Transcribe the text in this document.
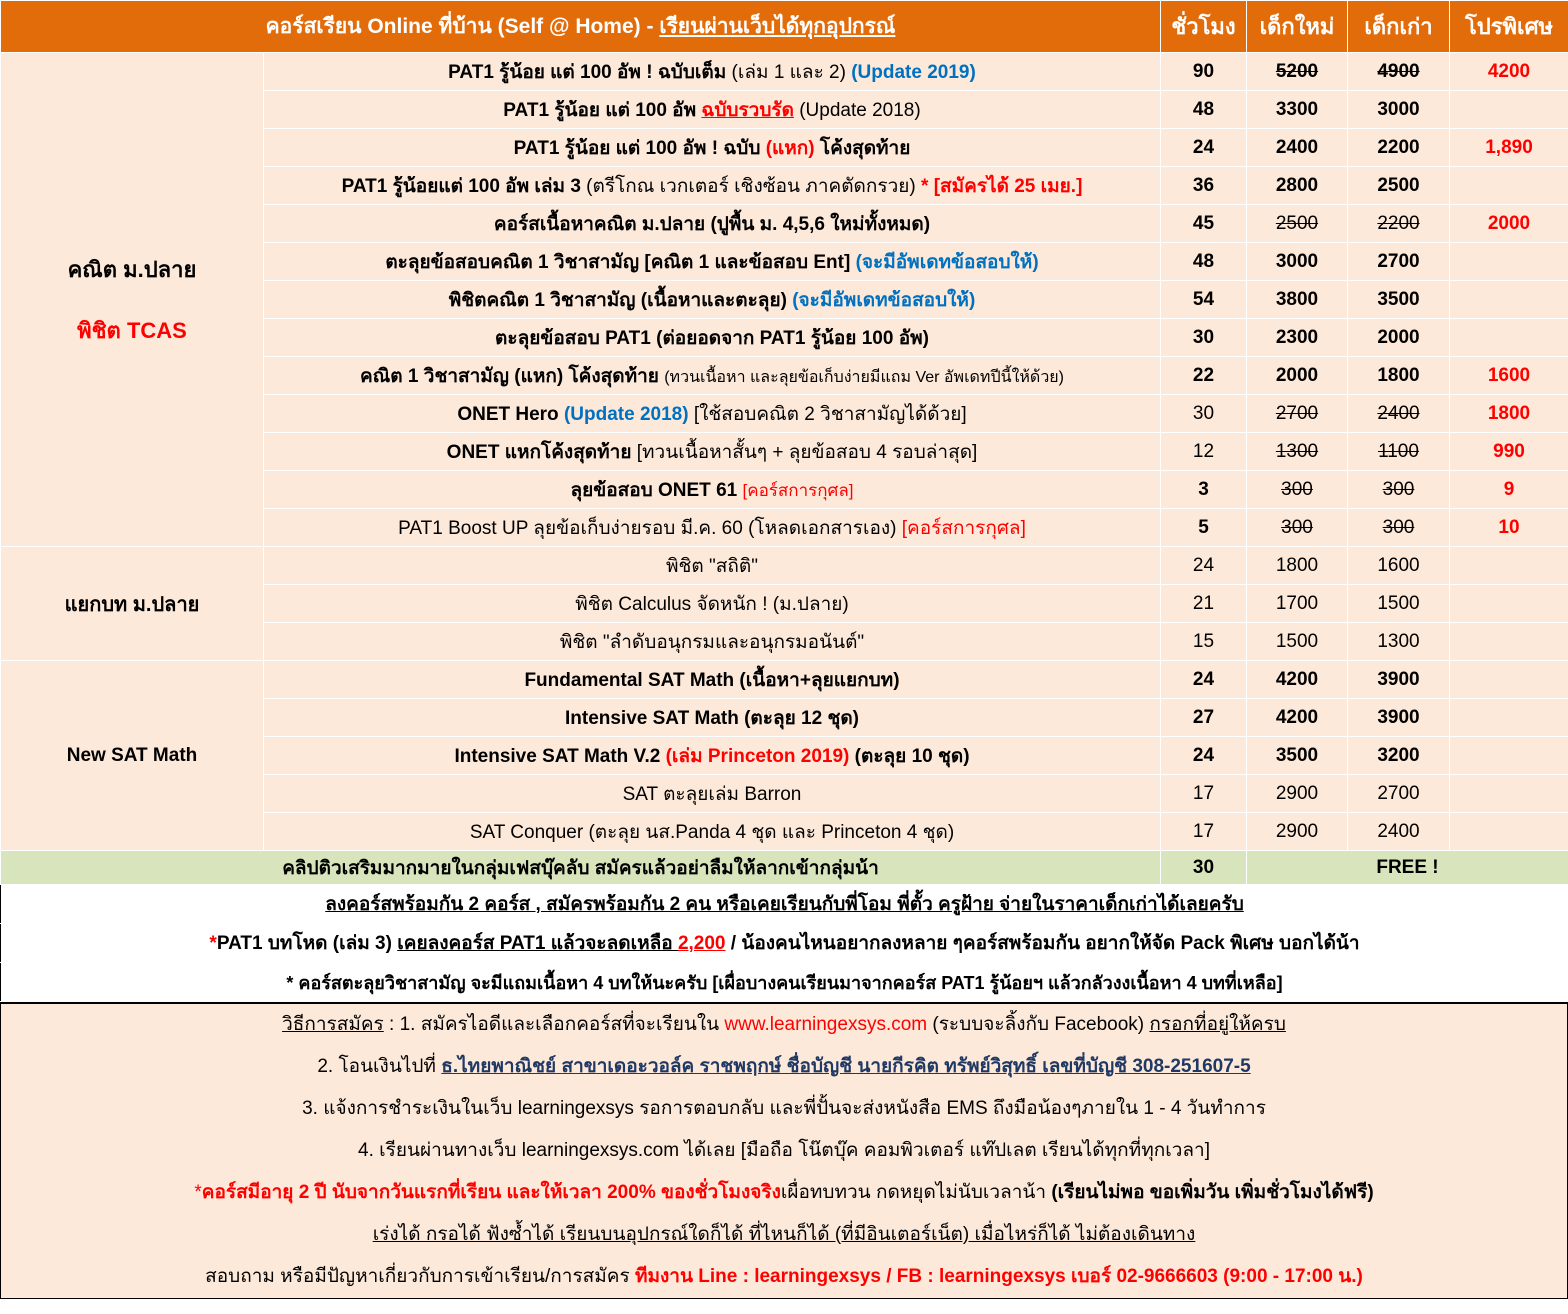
คอร์สเรียน Online ที่บ้าน (Self @ Home) - เรียนผ่านเว็บได้ทุกอุปกรณ์		ชั่วโมง	เด็กใหม่	เด็กเก่า	โปรพิเศษ

คณิต ม.ปลาย
พิชิต TCAS	PAT1 รู้น้อย แต่ 100 อัพ ! ฉบับเต็ม (เล่ม 1 และ 2) (Update 2019)	90	5200	4900	4200
	PAT1 รู้น้อย แต่ 100 อัพ ฉบับรวบรัด (Update 2018)	48	3300	3000	
	PAT1 รู้น้อย แต่ 100 อัพ ! ฉบับ (แหก) โค้งสุดท้าย	24	2400	2200	1,890
	PAT1 รู้น้อยแต่ 100 อัพ เล่ม 3 (ตรีโกณ เวกเตอร์ เชิงซ้อน ภาคตัดกรวย) * [สมัครได้ 25 เมย.]	36	2800	2500	
	คอร์สเนื้อหาคณิต ม.ปลาย (ปูพื้น ม. 4,5,6 ใหม่ทั้งหมด)	45	2500	2200	2000
	ตะลุยข้อสอบคณิต 1 วิชาสามัญ [คณิต 1 และข้อสอบ Ent] (จะมีอัพเดทข้อสอบให้)	48	3000	2700	
	พิชิตคณิต 1 วิชาสามัญ (เนื้อหาและตะลุย) (จะมีอัพเดทข้อสอบให้)	54	3800	3500	
	ตะลุยข้อสอบ PAT1 (ต่อยอดจาก PAT1 รู้น้อย 100 อัพ)	30	2300	2000	
	คณิต 1 วิชาสามัญ (แหก) โค้งสุดท้าย (ทวนเนื้อหา และลุยข้อเก็บง่ายมีแถม Ver อัพเดทปีนี้ให้ด้วย)	22	2000	1800	1600
	ONET Hero (Update 2018) [ใช้สอบคณิต 2 วิชาสามัญได้ด้วย]	30	2700	2400	1800
	ONET แหกโค้งสุดท้าย [ทวนเนื้อหาสั้นๆ + ลุยข้อสอบ 4 รอบล่าสุด]	12	1300	1100	990
	ลุยข้อสอบ ONET 61 [คอร์สการกุศล]	3	300	300	9
	PAT1 Boost UP ลุยข้อเก็บง่ายรอบ มี.ค. 60 (โหลดเอกสารเอง) [คอร์สการกุศล]	5	300	300	10
แยกบท ม.ปลาย	พิชิต "สถิติ"	24	1800	1600	
	พิชิต Calculus จัดหนัก ! (ม.ปลาย)	21	1700	1500	
	พิชิต "ลำดับอนุกรมและอนุกรมอนันต์"	15	1500	1300	
New SAT Math	Fundamental SAT Math (เนื้อหา+ลุยแยกบท)	24	4200	3900	
	Intensive SAT Math (ตะลุย 12 ชุด)	27	4200	3900	
	Intensive SAT Math V.2 (เล่ม Princeton 2019) (ตะลุย 10 ชุด)	24	3500	3200	
	SAT ตะลุยเล่ม Barron	17	2900	2700	
	SAT Conquer (ตะลุย นส.Panda 4 ชุด และ Princeton 4 ชุด)	17	2900	2400	
คลิปติวเสริมมากมายในกลุ่มเฟสบุ๊คลับ สมัครแล้วอย่าลืมให้ลากเข้ากลุ่มน้า		30	FREE !		
ลงคอร์สพร้อมกัน 2 คอร์ส , สมัครพร้อมกัน 2 คน หรือเคยเรียนกับพี่โอม พี่ตั้ว ครูฝ้าย จ่ายในราคาเด็กเก่าได้เลยครับ					
*PAT1 บทโหด (เล่ม 3) เคยลงคอร์ส PAT1 แล้วจะลดเหลือ 2,200 / น้องคนไหนอยากลงหลาย ๆคอร์สพร้อมกัน อยากให้จัด Pack พิเศษ บอกได้น้า					
* คอร์สตะลุยวิชาสามัญ จะมีแถมเนื้อหา 4 บทให้นะครับ [เผื่อบางคนเรียนมาจากคอร์ส PAT1 รู้น้อยฯ แล้วกลัวงงเนื้อหา 4 บทที่เหลือ]					

วิธีการสมัคร : 1. สมัครไอดีและเลือกคอร์สที่จะเรียนใน www.learningexsys.com (ระบบจะลิ้งกับ Facebook) กรอกที่อยู่ให้ครบ

2. โอนเงินไปที่ ธ.ไทยพาณิชย์ สาขาเดอะวอล์ค ราชพฤกษ์ ชื่อบัญชี นายกีรคิต ทรัพย์วิสุทธิ์ เลขที่บัญชี 308-251607-5

3. แจ้งการชำระเงินในเว็บ learningexsys รอการตอบกลับ และพี่ปั้นจะส่งหนังสือ EMS ถึงมือน้องๆภายใน 1 - 4 วันทำการ

4. เรียนผ่านทางเว็บ learningexsys.com ได้เลย [มือถือ โน๊ตบุ๊ค คอมพิวเตอร์ แท๊ปเลต เรียนได้ทุกที่ทุกเวลา]

*คอร์สมีอายุ 2 ปี นับจากวันแรกที่เรียน และให้เวลา 200% ของชั่วโมงจริงเผื่อทบทวน กดหยุดไม่นับเวลาน้า (เรียนไม่พอ ขอเพิ่มวัน เพิ่มชั่วโมงได้ฟรี)

เร่งได้ กรอได้ ฟังซ้ำได้ เรียนบนอุปกรณ์ใดก็ได้ ที่ไหนก็ได้ (ที่มีอินเตอร์เน็ต) เมื่อไหร่ก็ได้ ไม่ต้องเดินทาง

สอบถาม หรือมีปัญหาเกี่ยวกับการเข้าเรียน/การสมัคร ทีมงาน Line : learningexsys / FB : learningexsys เบอร์ 02-9666603 (9:00 - 17:00 น.)
